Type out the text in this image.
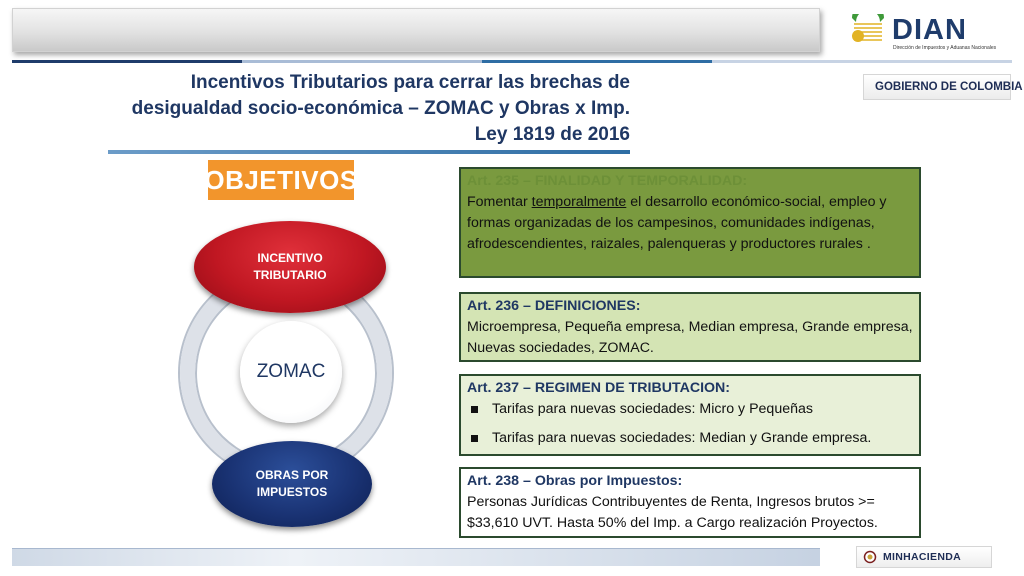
DIAN
Dirección de Impuestos y Aduanas Nacionales
GOBIERNO DE COLOMBIA
Incentivos Tributarios para cerrar las brechas de
desigualdad socio-económica – ZOMAC y Obras x Imp.
Ley 1819 de 2016
OBJETIVOS
INCENTIVO
TRIBUTARIO
ZOMAC
OBRAS POR
IMPUESTOS
Art. 235 – FINALIDAD Y TEMPORALIDAD:
Fomentar temporalmente el desarrollo económico-social, empleo y formas organizadas de los campesinos, comunidades indígenas, afrodescendientes, raizales, palenqueras y productores rurales .
Art. 236 – DEFINICIONES:
Microempresa, Pequeña empresa, Median empresa, Grande empresa, Nuevas sociedades, ZOMAC.
Art. 237 – REGIMEN DE TRIBUTACION:
Tarifas para nuevas sociedades: Micro y Pequeñas
Tarifas para nuevas sociedades: Median y Grande empresa.
Art. 238 – Obras por Impuestos:
Personas Jurídicas Contribuyentes de Renta, Ingresos brutos >= $33,610 UVT. Hasta 50% del Imp. a Cargo realización Proyectos.
MINHACIENDA
